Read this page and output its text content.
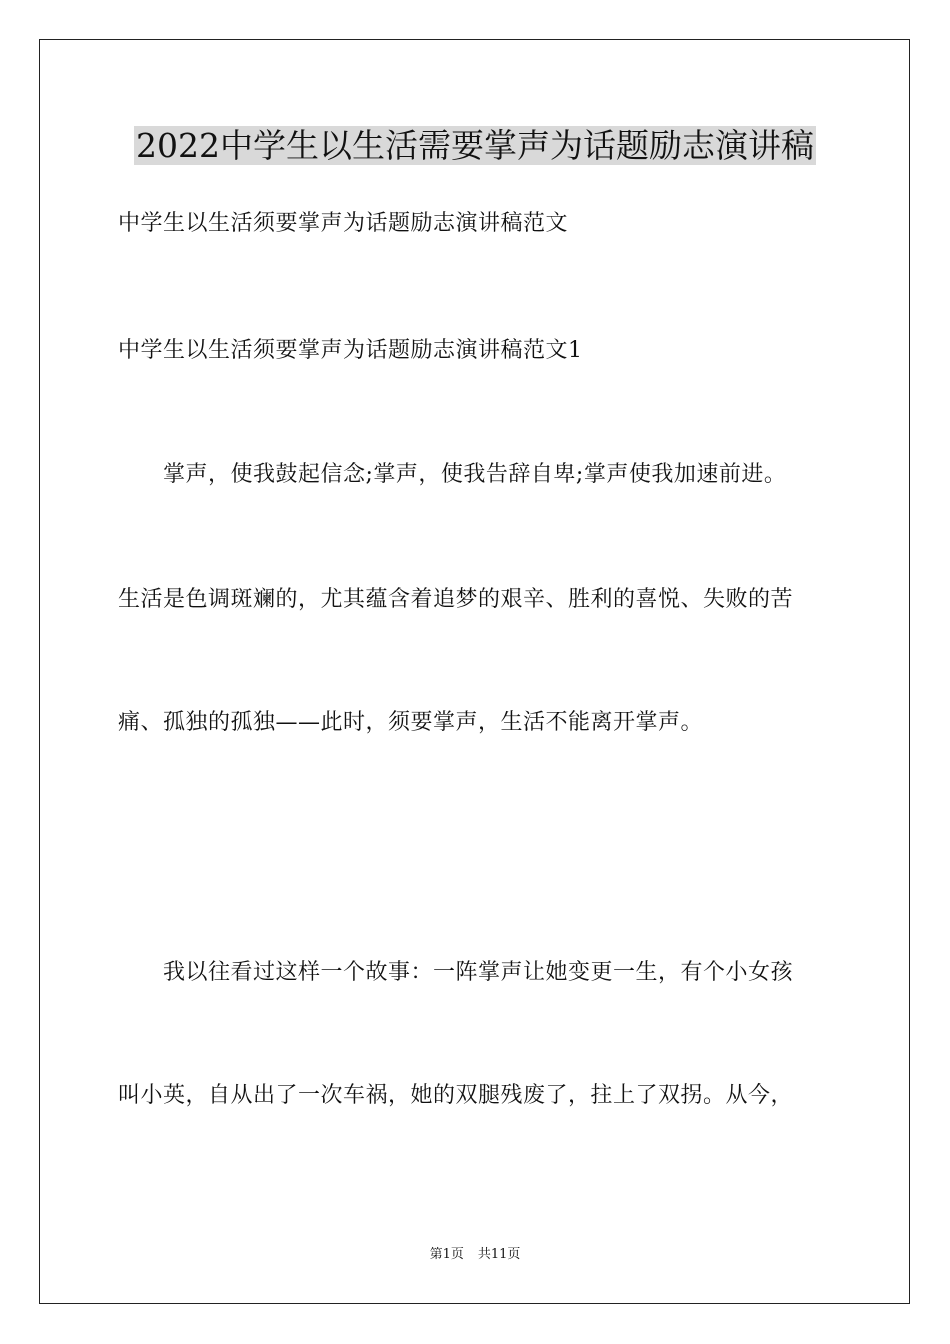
2022中学生以生活需要掌声为话题励志演讲稿

中学生以生活须要掌声为话题励志演讲稿范文

中学生以生活须要掌声为话题励志演讲稿范文1

掌声，使我鼓起信念;掌声，使我告辞自卑;掌声使我加速前进。

生活是色调斑斓的，尤其蕴含着追梦的艰辛、胜利的喜悦、失败的苦

痛、孤独的孤独——此时，须要掌声，生活不能离开掌声。

我以往看过这样一个故事：一阵掌声让她变更一生，有个小女孩

叫小英，自从出了一次车祸，她的双腿残废了，拄上了双拐。从今，

第1页 共11页
